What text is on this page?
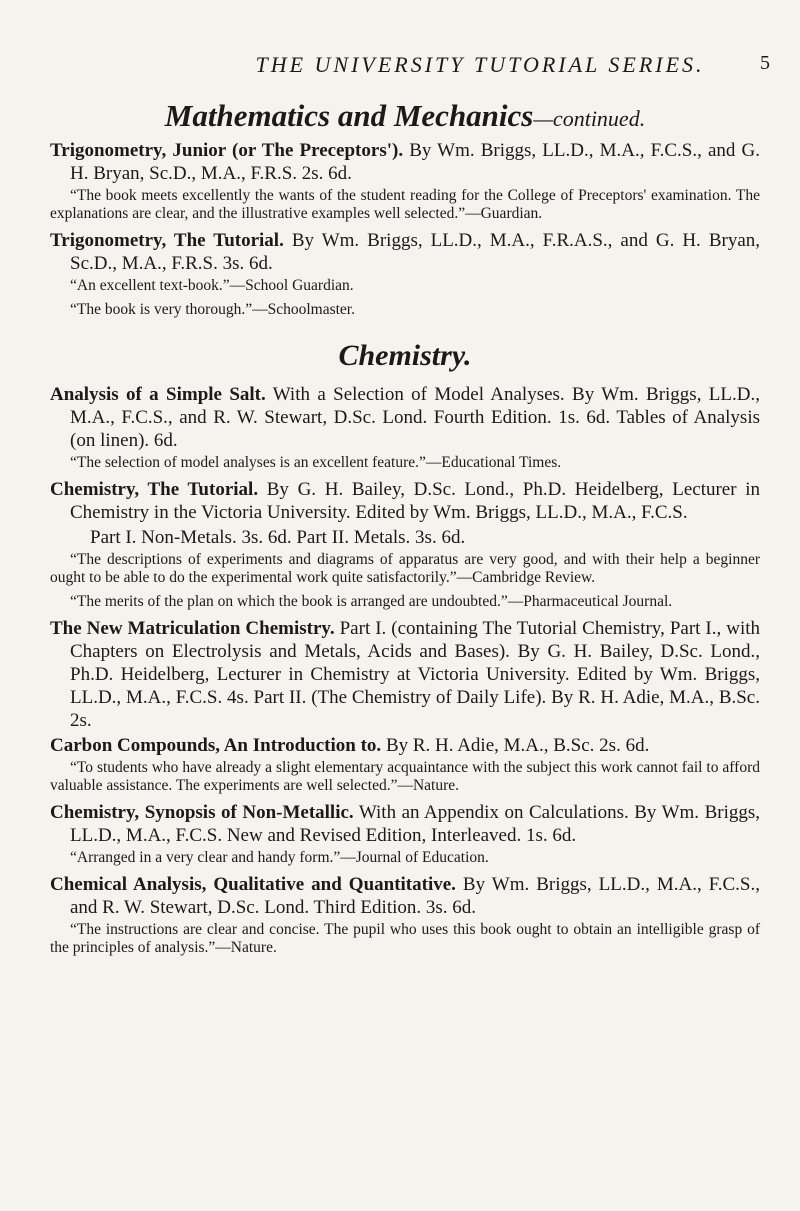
THE UNIVERSITY TUTORIAL SERIES.	5
Mathematics and Mechanics—continued.

Trigonometry, Junior (or The Preceptors'). By Wm. Briggs, LL.D., M.A., F.C.S., and G. H. Bryan, Sc.D., M.A., F.R.S. 2s. 6d.

“The book meets excellently the wants of the student reading for the College of Preceptors' examination. The explanations are clear, and the illustrative examples well selected.”—Guardian.

Trigonometry, The Tutorial. By Wm. Briggs, LL.D., M.A., F.R.A.S., and G. H. Bryan, Sc.D., M.A., F.R.S. 3s. 6d.

“An excellent text-book.”—School Guardian.

“The book is very thorough.”—Schoolmaster.

Chemistry.

Analysis of a Simple Salt. With a Selection of Model Analyses. By Wm. Briggs, LL.D., M.A., F.C.S., and R. W. Stewart, D.Sc. Lond. Fourth Edition. 1s. 6d. Tables of Analysis (on linen). 6d.

“The selection of model analyses is an excellent feature.”—Educational Times.

Chemistry, The Tutorial. By G. H. Bailey, D.Sc. Lond., Ph.D. Heidelberg, Lecturer in Chemistry in the Victoria University. Edited by Wm. Briggs, LL.D., M.A., F.C.S.

Part I. Non-Metals. 3s. 6d. Part II. Metals. 3s. 6d.

“The descriptions of experiments and diagrams of apparatus are very good, and with their help a beginner ought to be able to do the experimental work quite satisfactorily.”—Cambridge Review.

“The merits of the plan on which the book is arranged are undoubted.”—Pharmaceutical Journal.

The New Matriculation Chemistry. Part I. (containing The Tutorial Chemistry, Part I., with Chapters on Electrolysis and Metals, Acids and Bases). By G. H. Bailey, D.Sc. Lond., Ph.D. Heidelberg, Lecturer in Chemistry at Victoria University. Edited by Wm. Briggs, LL.D., M.A., F.C.S. 4s. Part II. (The Chemistry of Daily Life). By R. H. Adie, M.A., B.Sc. 2s.

Carbon Compounds, An Introduction to. By R. H. Adie, M.A., B.Sc. 2s. 6d.

“To students who have already a slight elementary acquaintance with the subject this work cannot fail to afford valuable assistance. The experiments are well selected.”—Nature.

Chemistry, Synopsis of Non-Metallic. With an Appendix on Calculations. By Wm. Briggs, LL.D., M.A., F.C.S. New and Revised Edition, Interleaved. 1s. 6d.

“Arranged in a very clear and handy form.”—Journal of Education.

Chemical Analysis, Qualitative and Quantitative. By Wm. Briggs, LL.D., M.A., F.C.S., and R. W. Stewart, D.Sc. Lond. Third Edition. 3s. 6d.

“The instructions are clear and concise. The pupil who uses this book ought to obtain an intelligible grasp of the principles of analysis.”—Nature.
